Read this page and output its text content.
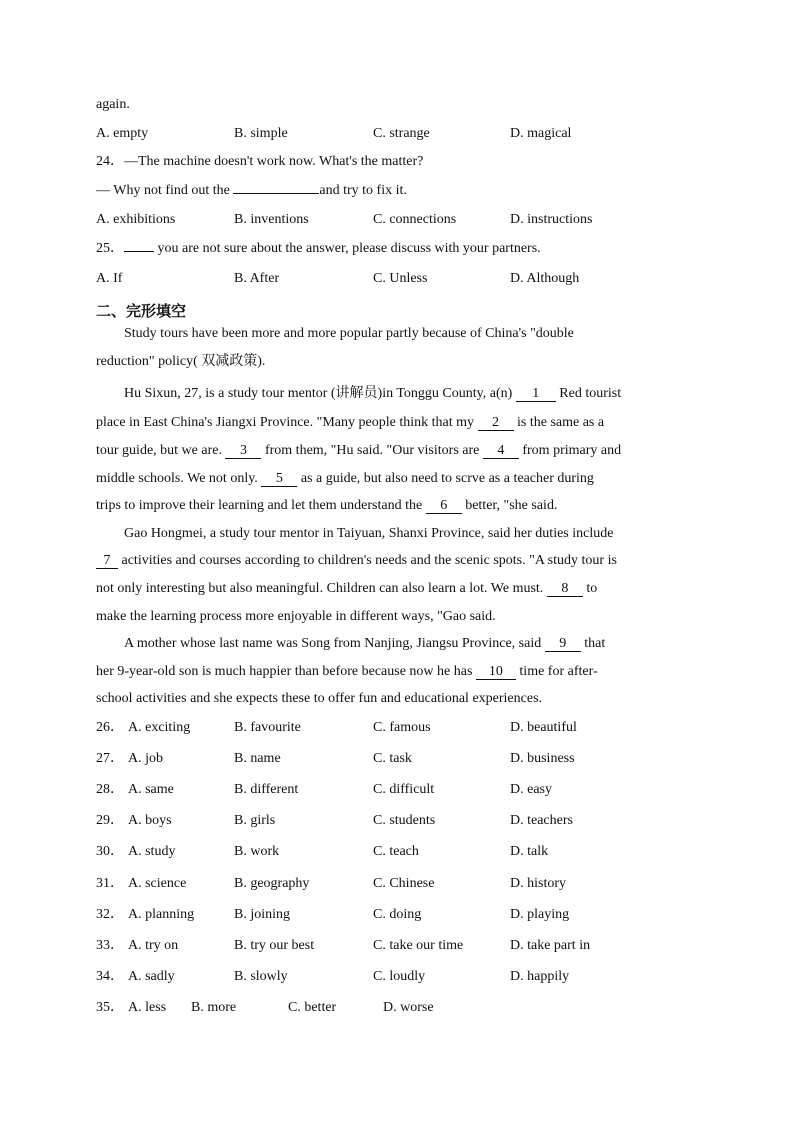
again.
A. empty	B. simple	C. strange	D. magical
24．—The machine doesn't work now. What's the matter?
— Why not find out the	and try to fix it.
A. exhibitions	B. inventions	C. connections	D. instructions
25． you are not sure about the answer, please discuss with your partners.
A. If	B. After	C. Unless	D. Although
二、完形填空
Study tours have been more and more popular partly because of China's "double
reduction" policy( 双减政策).
Hu Sixun, 27, is a study tour mentor (讲解员)in Tonggu County, a(n) 1 Red tourist
place in East China's Jiangxi Province. "Many people think that my 2 is the same as a
tour guide, but we are. 3 from them, "Hu said. "Our visitors are 4 from primary and
middle schools. We not only. 5 as a guide, but also need to scrve as a teacher during
trips to improve their learning and let them understand the 6 better, "she said.
Gao Hongmei, a study tour mentor in Taiyuan, Shanxi Province, said her duties include
7 activities and courses according to children's needs and the scenic spots. "A study tour is
not only interesting but also meaningful. Children can also learn a lot. We must. 8 to
make the learning process more enjoyable in different ways, "Gao said.
A mother whose last name was Song from Nanjing, Jiangsu Province, said 9 that
her 9-year-old son is much happier than before because now he has 10 time for after-
school activities and she expects these to offer fun and educational experiences.
26． A. exciting	B. favourite	C. famous	D. beautiful
27． A. job	B. name	C. task	D. business
28． A. same	B. different	C. difficult	D. easy
29． A. boys	B. girls	C. students	D. teachers
30． A. study	B. work	C. teach	D. talk
31． A. science	B. geography	C. Chinese	D. history
32． A. planning	B. joining	C. doing	D. playing
33． A. try on	B. try our best	C. take our time	D. take part in
34． A. sadly	B. slowly	C. loudly	D. happily
35． A. less B. more	C. better	D. worse
